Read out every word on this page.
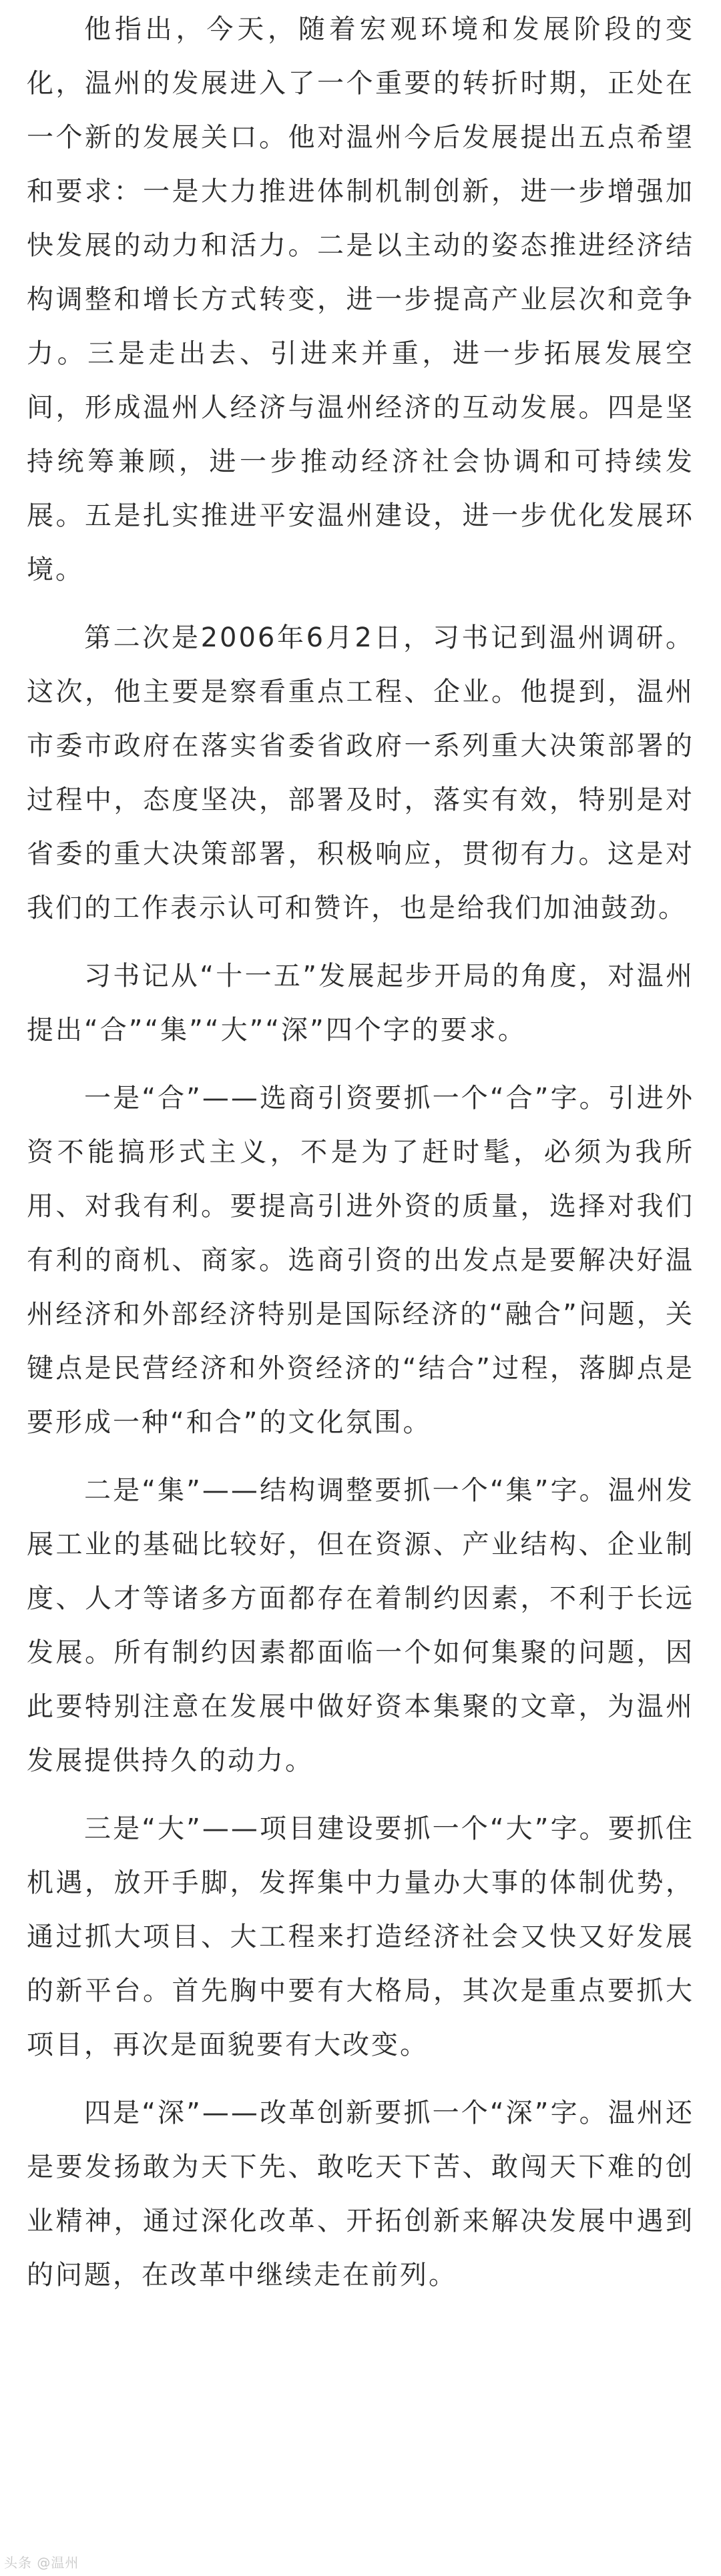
他指出，今天，随着宏观环境和发展阶段的变化，温州的发展进入了一个重要的转折时期，正处在一个新的发展关口。他对温州今后发展提出五点希望和要求：一是大力推进体制机制创新，进一步增强加快发展的动力和活力。二是以主动的姿态推进经济结构调整和增长方式转变，进一步提高产业层次和竞争力。三是走出去、引进来并重，进一步拓展发展空间，形成温州人经济与温州经济的互动发展。四是坚持统筹兼顾，进一步推动经济社会协调和可持续发展。五是扎实推进平安温州建设，进一步优化发展环境。

第二次是2006年6月2日，习书记到温州调研。这次，他主要是察看重点工程、企业。他提到，温州市委市政府在落实省委省政府一系列重大决策部署的过程中，态度坚决，部署及时，落实有效，特别是对省委的重大决策部署，积极响应，贯彻有力。这是对我们的工作表示认可和赞许，也是给我们加油鼓劲。

习书记从“十一五”发展起步开局的角度，对温州提出“合”“集”“大”“深”四个字的要求。

一是“合”——选商引资要抓一个“合”字。引进外资不能搞形式主义，不是为了赶时髦，必须为我所用、对我有利。要提高引进外资的质量，选择对我们有利的商机、商家。选商引资的出发点是要解决好温州经济和外部经济特别是国际经济的“融合”问题，关键点是民营经济和外资经济的“结合”过程，落脚点是要形成一种“和合”的文化氛围。

二是“集”——结构调整要抓一个“集”字。温州发展工业的基础比较好，但在资源、产业结构、企业制度、人才等诸多方面都存在着制约因素，不利于长远发展。所有制约因素都面临一个如何集聚的问题，因此要特别注意在发展中做好资本集聚的文章，为温州发展提供持久的动力。

三是“大”——项目建设要抓一个“大”字。要抓住机遇，放开手脚，发挥集中力量办大事的体制优势，通过抓大项目、大工程来打造经济社会又快又好发展的新平台。首先胸中要有大格局，其次是重点要抓大项目，再次是面貌要有大改变。

四是“深”——改革创新要抓一个“深”字。温州还是要发扬敢为天下先、敢吃天下苦、敢闯天下难的创业精神，通过深化改革、开拓创新来解决发展中遇到的问题，在改革中继续走在前列。

头条 @温州
